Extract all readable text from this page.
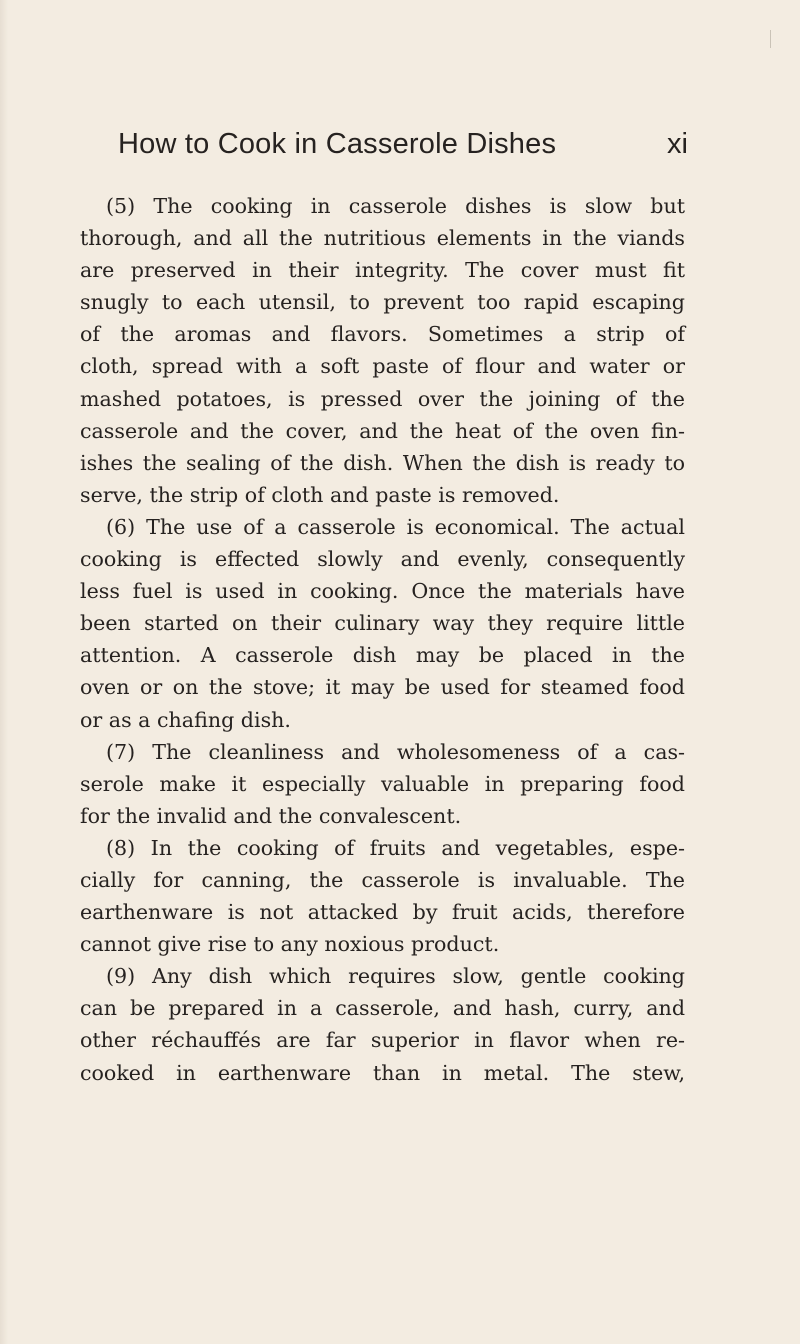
How to Cook in Casserole Dishes	xi
(5) The cooking in casserole dishes is slow but
thorough, and all the nutritious elements in the viands
are preserved in their integrity. The cover must fit
snugly to each utensil, to prevent too rapid escaping
of the aromas and flavors. Sometimes a strip of
cloth, spread with a soft paste of flour and water or
mashed potatoes, is pressed over the joining of the
casserole and the cover, and the heat of the oven fin-
ishes the sealing of the dish. When the dish is ready to
serve, the strip of cloth and paste is removed.
(6) The use of a casserole is economical. The actual
cooking is effected slowly and evenly, consequently
less fuel is used in cooking. Once the materials have
been started on their culinary way they require little
attention. A casserole dish may be placed in the
oven or on the stove; it may be used for steamed food
or as a chafing dish.
(7) The cleanliness and wholesomeness of a cas-
serole make it especially valuable in preparing food
for the invalid and the convalescent.
(8) In the cooking of fruits and vegetables, espe-
cially for canning, the casserole is invaluable. The
earthenware is not attacked by fruit acids, therefore
cannot give rise to any noxious product.
(9) Any dish which requires slow, gentle cooking
can be prepared in a casserole, and hash, curry, and
other réchauffés are far superior in flavor when re-
cooked in earthenware than in metal. The stew,
